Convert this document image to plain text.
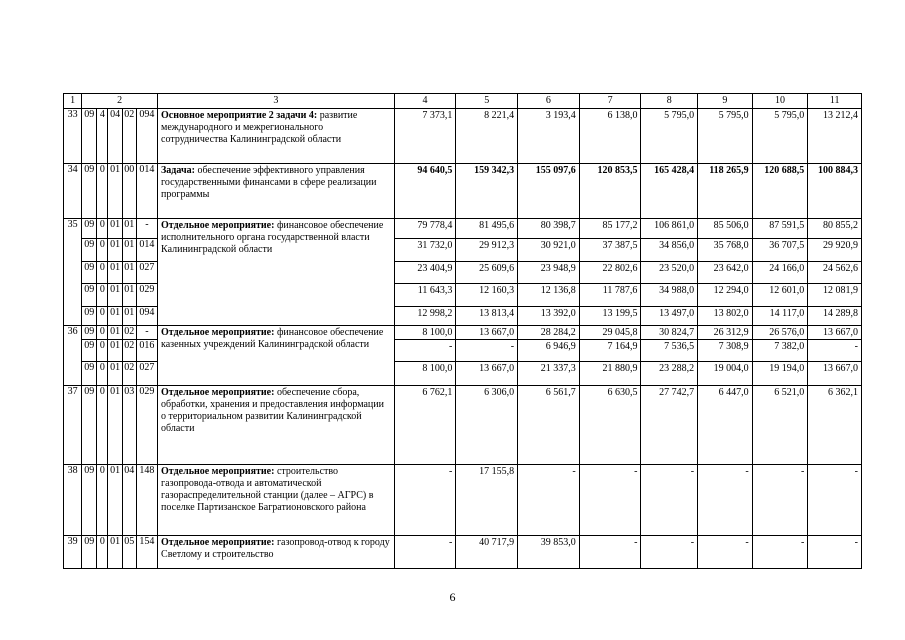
1	2					3	4	5	6	7	8	9	10	11
33	09	4	04	02	094	Основное мероприятие 2 задачи 4: развитие международного и межрегионального сотрудничества Калининградской области	7 373,1	8 221,4	3 193,4	6 138,0	5 795,0	5 795,0	5 795,0	13 212,4
34	09	0	01	00	014	Задача: обеспечение эффективного управления государственными финансами в сфере реализации программы	94 640,5	159 342,3	155 097,6	120 853,5	165 428,4	118 265,9	120 688,5	100 884,3
35	09	0	01	01	-	Отдельное мероприятие: финансовое обеспечение исполнительного органа государственной власти Калининградской области	79 778,4	81 495,6	80 398,7	85 177,2	106 861,0	85 506,0	87 591,5	80 855,2
	09	0	01	01	014		31 732,0	29 912,3	30 921,0	37 387,5	34 856,0	35 768,0	36 707,5	29 920,9
	09	0	01	01	027		23 404,9	25 609,6	23 948,9	22 802,6	23 520,0	23 642,0	24 166,0	24 562,6
	09	0	01	01	029		11 643,3	12 160,3	12 136,8	11 787,6	34 988,0	12 294,0	12 601,0	12 081,9
	09	0	01	01	094		12 998,2	13 813,4	13 392,0	13 199,5	13 497,0	13 802,0	14 117,0	14 289,8
36	09	0	01	02	-	Отдельное мероприятие: финансовое обеспечение казенных учреждений Калининградской области	8 100,0	13 667,0	28 284,2	29 045,8	30 824,7	26 312,9	26 576,0	13 667,0
	09	0	01	02	016		-	-	6 946,9	7 164,9	7 536,5	7 308,9	7 382,0	-
	09	0	01	02	027		8 100,0	13 667,0	21 337,3	21 880,9	23 288,2	19 004,0	19 194,0	13 667,0
37	09	0	01	03	029	Отдельное мероприятие: обеспечение сбора, обработки, хранения и предоставления информации о территориальном развитии Калининградской области	6 762,1	6 306,0	6 561,7	6 630,5	27 742,7	6 447,0	6 521,0	6 362,1
38	09	0	01	04	148	Отдельное мероприятие: строительство газопровода-отвода и автоматической газораспределительной станции (далее – АГРС) в поселке Партизанское Багратионовского района	-	17 155,8	-	-	-	-	-	-
39	09	0	01	05	154	Отдельное мероприятие: газопровод-отвод к городу Светлому и строительство	-	40 717,9	39 853,0	-	-	-	-	-
6
